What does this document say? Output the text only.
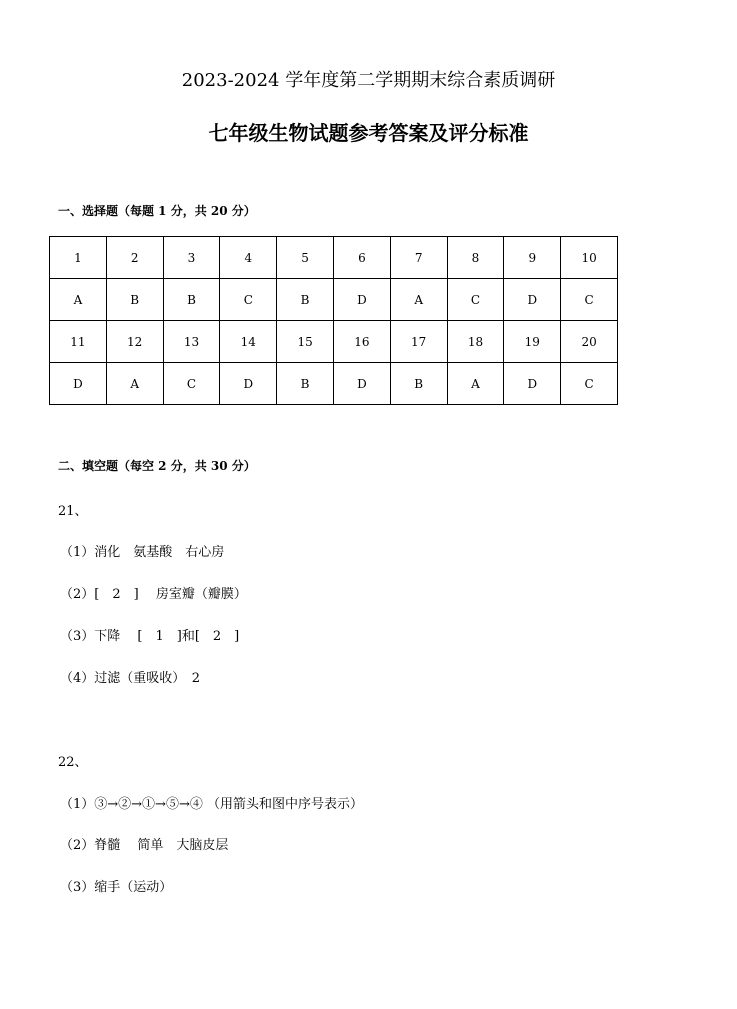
2023-2024 学年度第二学期期末综合素质调研
七年级生物试题参考答案及评分标准
一、选择题（每题 1 分，共 20 分）
1	2	3	4	5	6	7	8	9	10
A	B	B	C	B	D	A	C	D	C
11	12	13	14	15	16	17	18	19	20
D	A	C	D	B	D	B	A	D	C
二、填空题（每空 2 分，共 30 分）
21、
（1）消化　氨基酸　右心房
（2）[　2　]　 房室瓣（瓣膜）
（3）下降　 [　1　]和[　2　]
（4）过滤（重吸收）　2
22、
（1）③→②→①→⑤→④ （用箭头和图中序号表示）
（2）脊髓　 简单　大脑皮层
（3）缩手（运动）
